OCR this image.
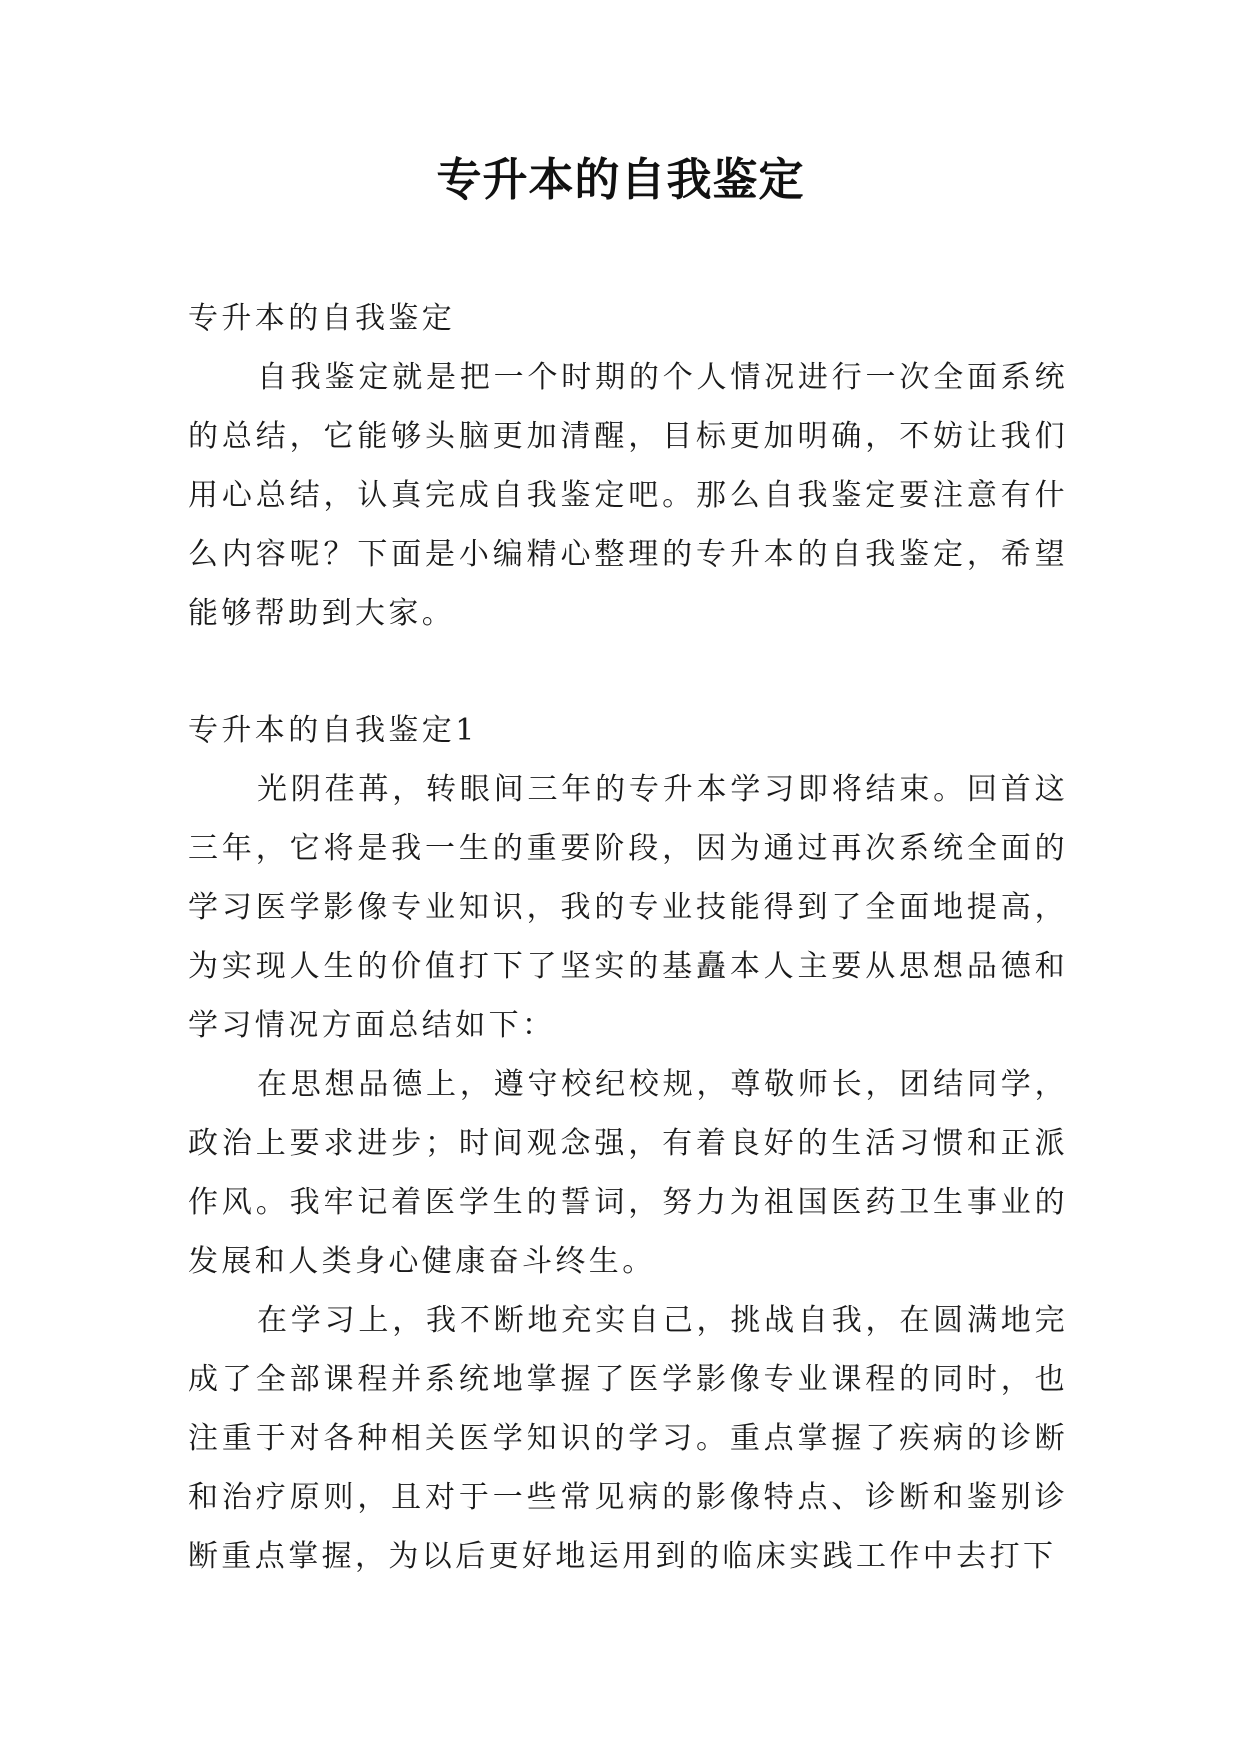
专升本的自我鉴定

专升本的自我鉴定

自我鉴定就是把一个时期的个人情况进行一次全面系统的总结，它能够头脑更加清醒，目标更加明确，不妨让我们用心总结，认真完成自我鉴定吧。那么自我鉴定要注意有什么内容呢？下面是小编精心整理的专升本的自我鉴定，希望能够帮助到大家。

专升本的自我鉴定1

光阴荏苒，转眼间三年的专升本学习即将结束。回首这三年，它将是我一生的重要阶段，因为通过再次系统全面的学习医学影像专业知识，我的专业技能得到了全面地提高，为实现人生的价值打下了坚实的基矗本人主要从思想品德和学习情况方面总结如下：

在思想品德上，遵守校纪校规，尊敬师长，团结同学，政治上要求进步；时间观念强，有着良好的生活习惯和正派作风。我牢记着医学生的誓词，努力为祖国医药卫生事业的发展和人类身心健康奋斗终生。

在学习上，我不断地充实自己，挑战自我，在圆满地完成了全部课程并系统地掌握了医学影像专业课程的同时，也注重于对各种相关医学知识的学习。重点掌握了疾病的诊断和治疗原则，且对于一些常见病的影像特点、诊断和鉴别诊断重点掌握，为以后更好地运用到的临床实践工作中去打下
